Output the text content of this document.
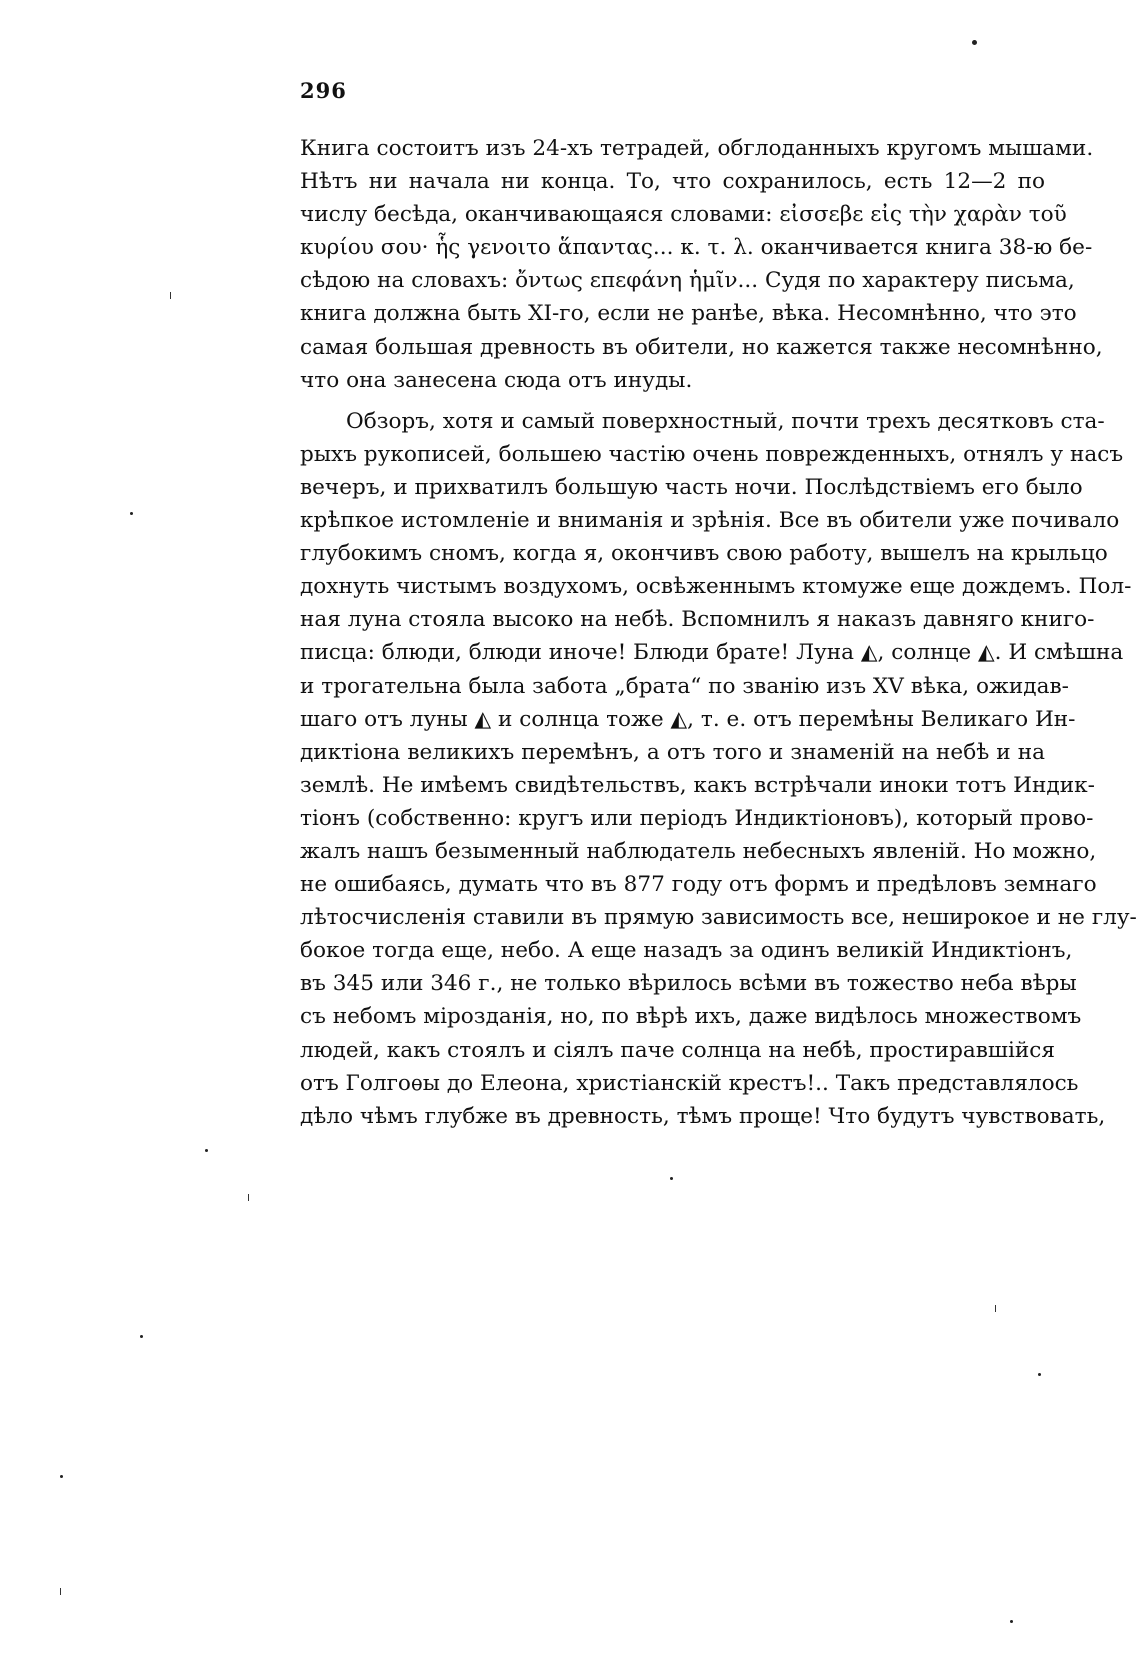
296
Книга состоитъ изъ 24-хъ тетрадей, обглоданныхъ кругомъ мышами.
Нѣтъ ни начала ни конца. То, что сохранилось, есть 12—2 по
числу бесѣда, оканчивающаяся словами: εἰσσεβε εἰς τὴν χαρὰν τοῦ
κυρίου σου· ἧς γενοιτο ἅπαντας... κ. τ. λ. оканчивается книга 38-ю бе-
сѣдою на словахъ: ὄντως επεφάνη ἡμῖν... Судя по характеру письма,
книга должна быть XI-го, если не ранѣе, вѣка. Несомнѣнно, что это
самая большая древность въ обители, но кажется также несомнѣнно,
что она занесена сюда отъ инуды.
Обзоръ, хотя и самый поверхностный, почти трехъ десятковъ ста-
рыхъ рукописей, большею частію очень поврежденныхъ, отнялъ у насъ
вечеръ, и прихватилъ большую часть ночи. Послѣдствіемъ его было
крѣпкое истомленіе и вниманія и зрѣнія. Все въ обители уже почивало
глубокимъ сномъ, когда я, окончивъ свою работу, вышелъ на крыльцо
дохнуть чистымъ воздухомъ, освѣженнымъ ктомуже еще дождемъ. Пол-
ная луна стояла высоко на небѣ. Вспомнилъ я наказъ давняго книго-
писца: блюди, блюди иноче! Блюди брате! Луна ◭, солнце ◭. И смѣшна
и трогательна была забота „брата“ по званію изъ XV вѣка, ожидав-
шаго отъ луны ◭ и солнца тоже ◭, т. е. отъ перемѣны Великаго Ин-
диктіона великихъ перемѣнъ, а отъ того и знаменій на небѣ и на
землѣ. Не имѣемъ свидѣтельствъ, какъ встрѣчали иноки тотъ Индик-
тіонъ (собственно: кругъ или періодъ Индиктіоновъ), который прово-
жалъ нашъ безыменный наблюдатель небесныхъ явленій. Но можно,
не ошибаясь, думать что въ 877 году отъ формъ и предѣловъ земнаго
лѣтосчисленія ставили въ прямую зависимость все, неширокое и не глу-
бокое тогда еще, небо. А еще назадъ за одинъ великій Индиктіонъ,
въ 345 или 346 г., не только вѣрилось всѣми въ тожество неба вѣры
съ небомъ мірозданія, но, по вѣрѣ ихъ, даже видѣлось множествомъ
людей, какъ стоялъ и сіялъ паче солнца на небѣ, простиравшійся
отъ Голгоѳы до Елеона, христіанскій крестъ!.. Такъ представлялось
дѣло чѣмъ глубже въ древность, тѣмъ проще! Что будутъ чувствовать,
